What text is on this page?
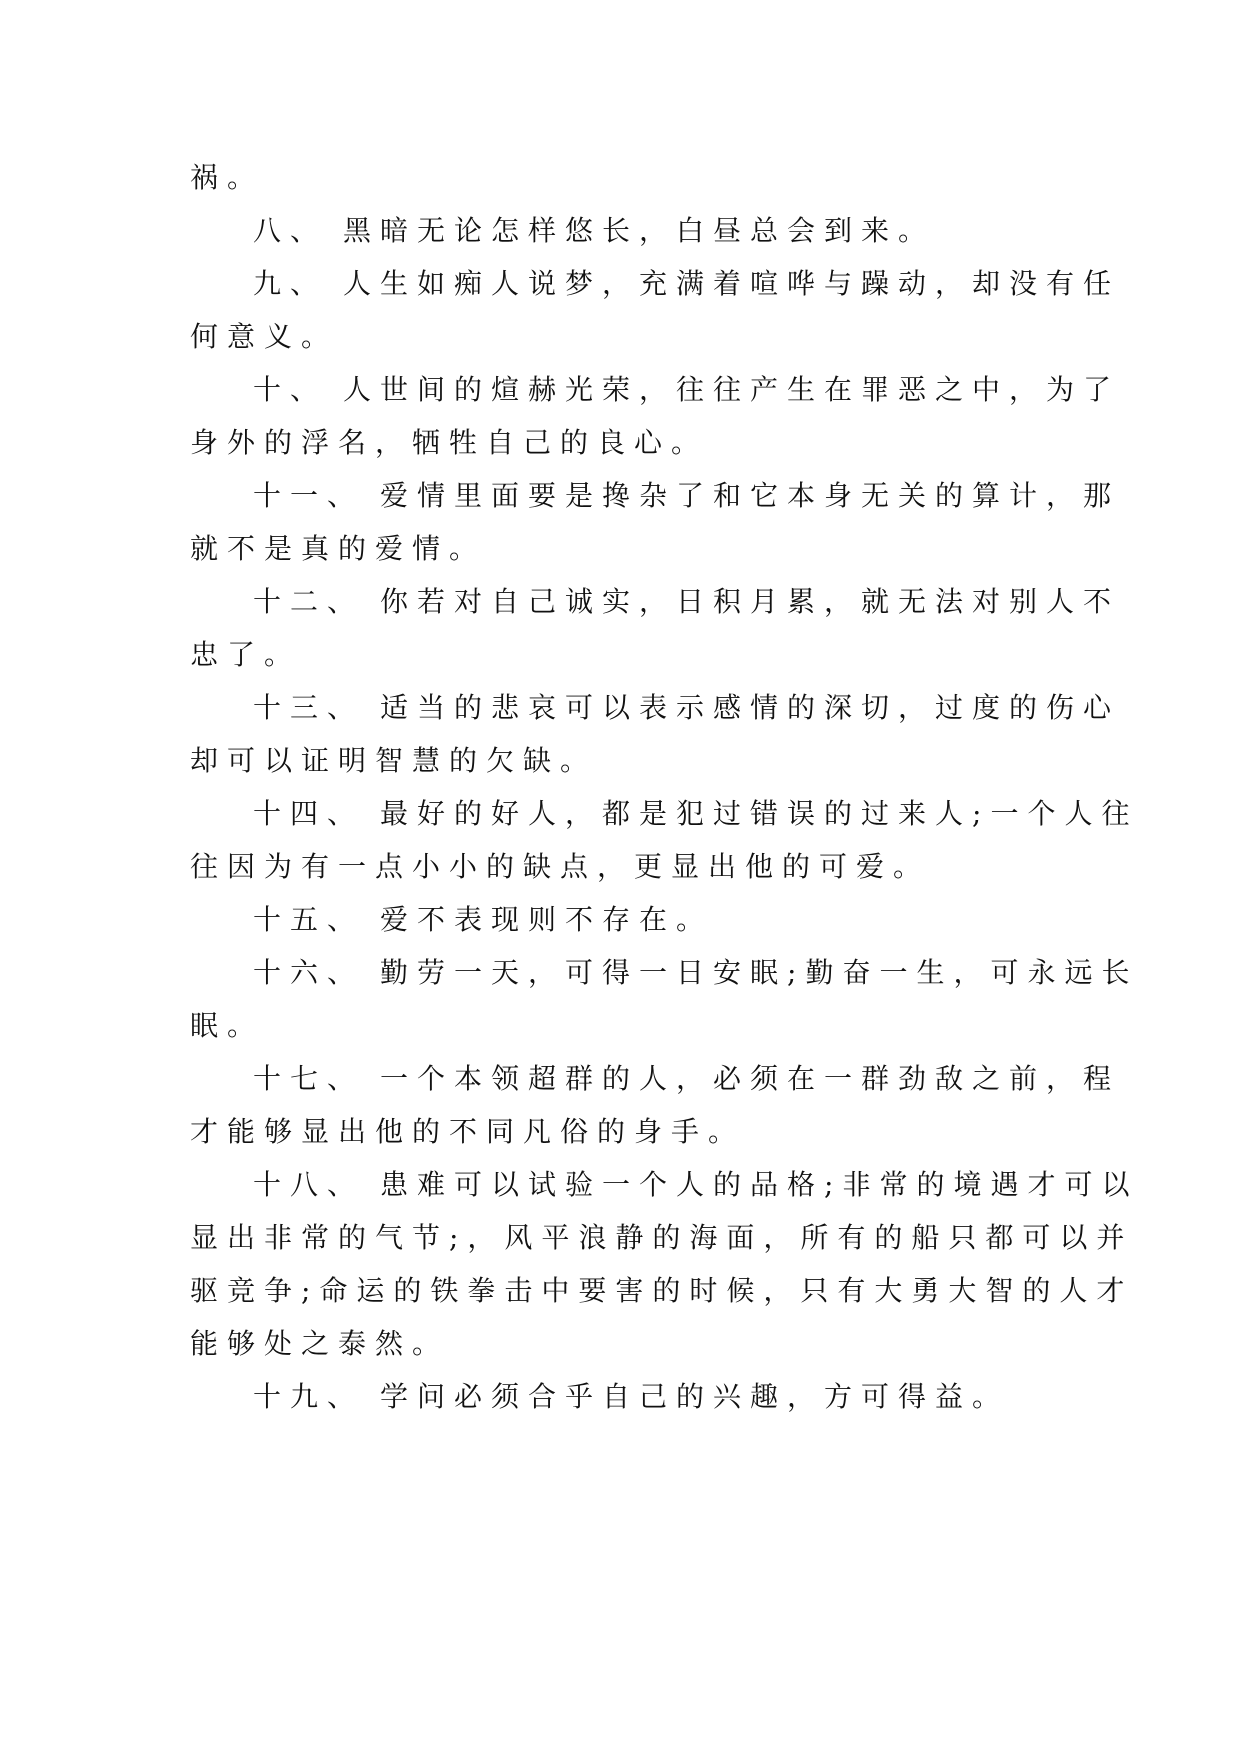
祸。
八、 黑暗无论怎样悠长，白昼总会到来。
九、 人生如痴人说梦，充满着喧哗与躁动，却没有任
何意义。
十、 人世间的煊赫光荣，往往产生在罪恶之中，为了
身外的浮名，牺牲自己的良心。
十一、 爱情里面要是搀杂了和它本身无关的算计，那
就不是真的爱情。
十二、 你若对自己诚实，日积月累，就无法对别人不
忠了。
十三、 适当的悲哀可以表示感情的深切，过度的伤心
却可以证明智慧的欠缺。
十四、 最好的好人，都是犯过错误的过来人;一个人往
往因为有一点小小的缺点，更显出他的可爱。
十五、 爱不表现则不存在。
十六、 勤劳一天，可得一日安眠;勤奋一生，可永远长
眠。
十七、 一个本领超群的人，必须在一群劲敌之前，程
才能够显出他的不同凡俗的身手。
十八、 患难可以试验一个人的品格;非常的境遇才可以
显出非常的气节;，风平浪静的海面，所有的船只都可以并
驱竞争;命运的铁拳击中要害的时候，只有大勇大智的人才
能够处之泰然。
十九、 学问必须合乎自己的兴趣，方可得益。
